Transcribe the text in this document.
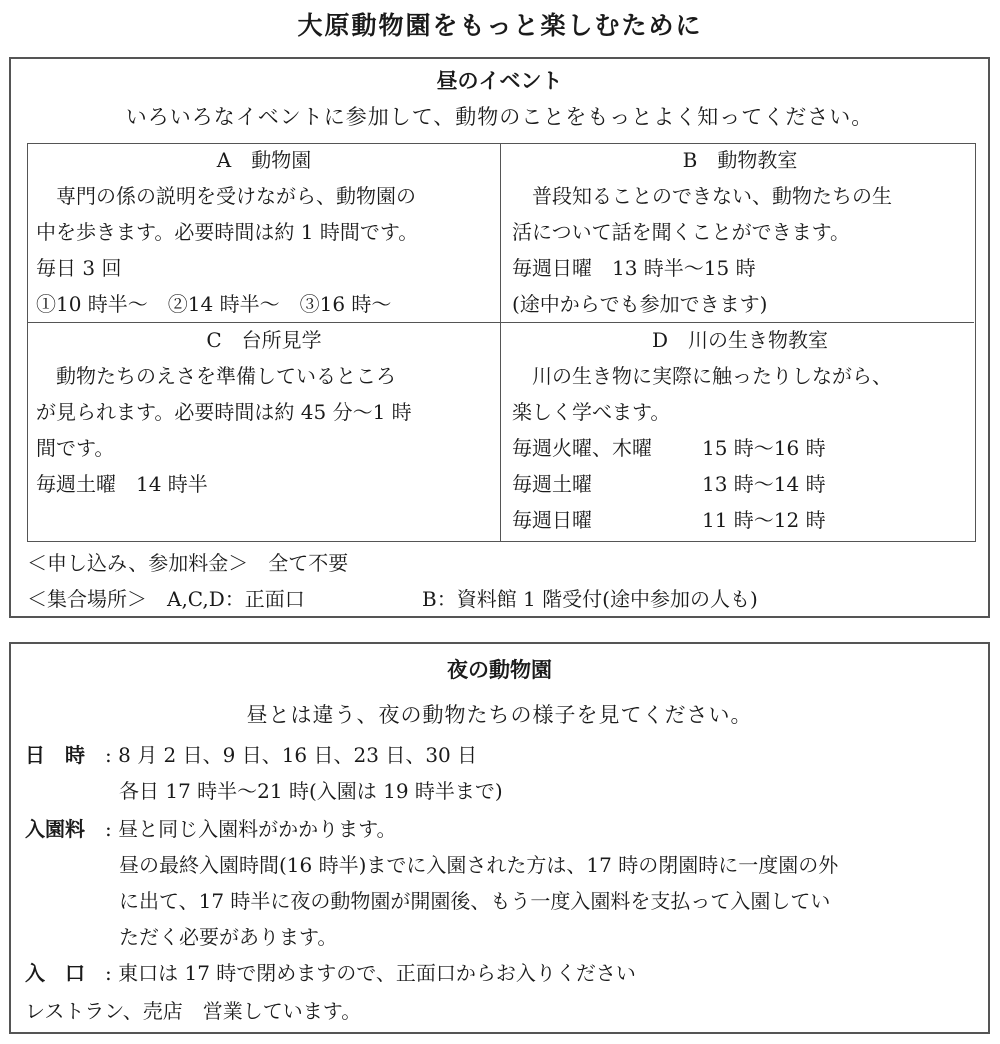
大原動物園をもっと楽しむために
昼のイベント
いろいろなイベントに参加して、動物のことをもっとよく知ってください。
A　動物園
　専門の係の説明を受けながら、動物園の
中を歩きます。必要時間は約 1 時間です。
毎日 3 回
①10 時半～　②14 時半～　③16 時～
B　動物教室
　普段知ることのできない、動物たちの生
活について話を聞くことができます。
毎週日曜　13 時半～15 時
(途中からでも参加できます)
C　台所見学
　動物たちのえさを準備しているところ
が見られます。必要時間は約 45 分～1 時
間です。
毎週土曜　14 時半
D　川の生き物教室
　川の生き物に実際に触ったりしながら、
楽しく学べます。
毎週火曜、木曜	15 時～16 時
毎週土曜	13 時～14 時
毎週日曜	11 時～12 時
＜申し込み、参加料金＞　全て不要
＜集合場所＞　A,C,D：正面口	B：資料館 1 階受付(途中参加の人も)
夜の動物園
昼とは違う、夜の動物たちの様子を見てください。
日　時 : 8 月 2 日、9 日、16 日、23 日、30 日
各日 17 時半～21 時(入園は 19 時半まで)
入園料 : 昼と同じ入園料がかかります。
昼の最終入園時間(16 時半)までに入園された方は、17 時の閉園時に一度園の外
に出て、17 時半に夜の動物園が開園後、もう一度入園料を支払って入園してい
ただく必要があります。
入　口 : 東口は 17 時で閉めますので、正面口からお入りください
レストラン、売店　営業しています。
